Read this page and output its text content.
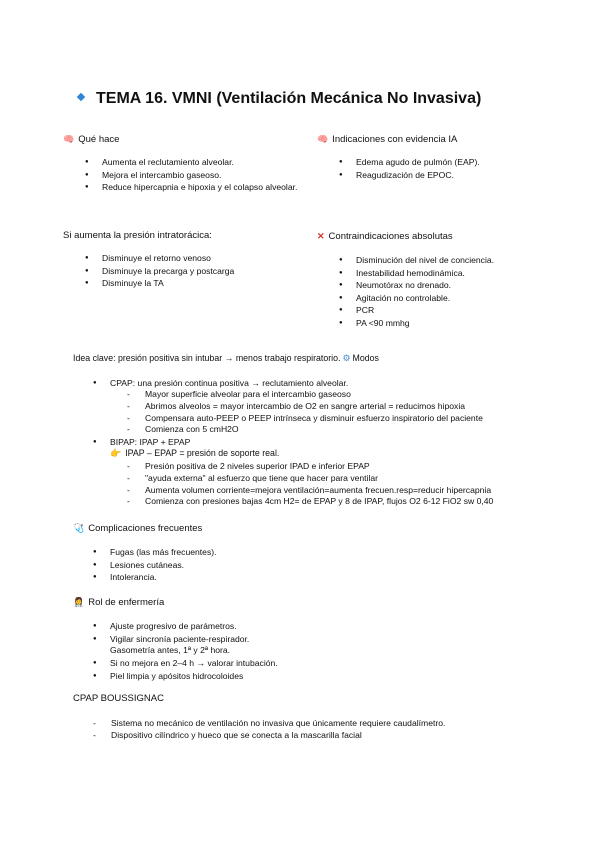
TEMA 16. VMNI (Ventilación Mecánica No Invasiva)
🧠 Qué hace
● Aumenta el reclutamiento alveolar.
● Mejora el intercambio gaseoso.
● Reduce hipercapnia e hipoxia y el colapso alveolar.
🧠 Indicaciones con evidencia IA
● Edema agudo de pulmón (EAP).
● Reagudización de EPOC.
Si aumenta la presión intratorácica:
● Disminuye el retorno venoso
● Disminuye la precarga y postcarga
● Disminuye la TA
✕ Contraindicaciones absolutas
● Disminución del nivel de conciencia.
● Inestabilidad hemodinámica.
● Neumotórax no drenado.
● Agitación no controlable.
● PCR
● PA <90 mmhg
Idea clave: presión positiva sin intubar → menos trabajo respiratorio. ⚙ Modos
● CPAP: una presión continua positiva → reclutamiento alveolar.
- Mayor superficie alveolar para el intercambio gaseoso
- Abrimos alveolos = mayor intercambio de O2 en sangre arterial = reducimos hipoxia
- Compensara auto-PEEP o PEEP intrínseca y disminuir esfuerzo inspiratorio del paciente
- Comienza con 5 cmH2O
● BIPAP: IPAP + EPAP
👉 IPAP – EPAP = presión de soporte real.
- Presión positiva de 2 niveles superior IPAD e inferior EPAP
- "ayuda externa" al esfuerzo que tiene que hacer para ventilar
- Aumenta volumen corriente=mejora ventilación=aumenta frecuen.resp=reducir hipercapnia
- Comienza con presiones bajas 4cm H2= de EPAP y 8 de IPAP, flujos O2 6-12 FiO2 sw 0,40
🩺 Complicaciones frecuentes
● Fugas (las más frecuentes).
● Lesiones cutáneas.
● Intolerancia.
👩‍⚕️ Rol de enfermería
● Ajuste progresivo de parámetros.
● Vigilar sincronía paciente-respirador.
Gasometría antes, 1ª y 2ª hora.
● Si no mejora en 2–4 h → valorar intubación.
● Piel limpia y apósitos hidrocoloides
CPAP BOUSSIGNAC
- Sistema no mecánico de ventilación no invasiva que únicamente requiere caudalímetro.
- Dispositivo cilíndrico y hueco que se conecta a la mascarilla facial
